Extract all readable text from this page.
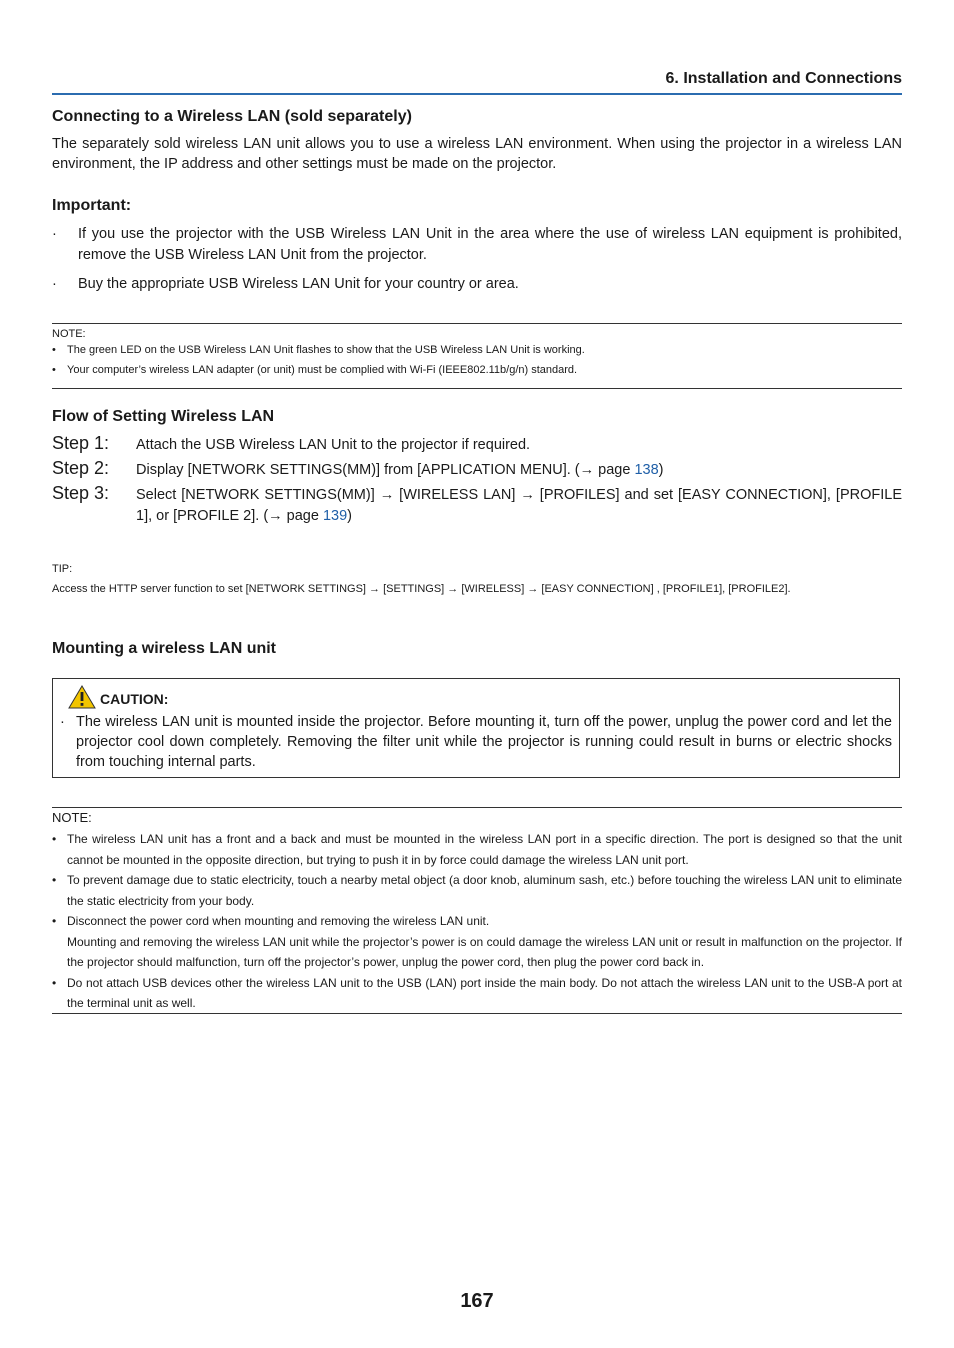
6. Installation and Connections
Connecting to a Wireless LAN (sold separately)
The separately sold wireless LAN unit allows you to use a wireless LAN environment. When using the projector in a wireless LAN environment, the IP address and other settings must be made on the projector.
Important:
· If you use the projector with the USB Wireless LAN Unit in the area where the use of wireless LAN equipment is prohibited, remove the USB Wireless LAN Unit from the projector.
· Buy the appropriate USB Wireless LAN Unit for your country or area.
NOTE:
• The green LED on the USB Wireless LAN Unit flashes to show that the USB Wireless LAN Unit is working.
• Your computer’s wireless LAN adapter (or unit) must be complied with Wi-Fi (IEEE802.11b/g/n) standard.
Flow of Setting Wireless LAN
Step 1: Attach the USB Wireless LAN Unit to the projector if required.
Step 2: Display [NETWORK SETTINGS(MM)] from [APPLICATION MENU]. (→ page 138)
Step 3: Select [NETWORK SETTINGS(MM)] → [WIRELESS LAN] → [PROFILES] and set [EASY CONNECTION], [PROFILE 1], or [PROFILE 2]. (→ page 139)
TIP:
Access the HTTP server function to set [NETWORK SETTINGS] → [SETTINGS] → [WIRELESS] → [EASY CONNECTION] , [PROFILE1], [PROFILE2].
Mounting a wireless LAN unit
CAUTION:
· The wireless LAN unit is mounted inside the projector. Before mounting it, turn off the power, unplug the power cord and let the projector cool down completely. Removing the filter unit while the projector is running could result in burns or electric shocks from touching internal parts.
NOTE:
• The wireless LAN unit has a front and a back and must be mounted in the wireless LAN port in a specific direction. The port is designed so that the unit cannot be mounted in the opposite direction, but trying to push it in by force could damage the wireless LAN unit port.
• To prevent damage due to static electricity, touch a nearby metal object (a door knob, aluminum sash, etc.) before touching the wireless LAN unit to eliminate the static electricity from your body.
• Disconnect the power cord when mounting and removing the wireless LAN unit.
Mounting and removing the wireless LAN unit while the projector’s power is on could damage the wireless LAN unit or result in malfunction on the projector. If the projector should malfunction, turn off the projector’s power, unplug the power cord, then plug the power cord back in.
• Do not attach USB devices other the wireless LAN unit to the USB (LAN) port inside the main body. Do not attach the wireless LAN unit to the USB-A port at the terminal unit as well.
167
